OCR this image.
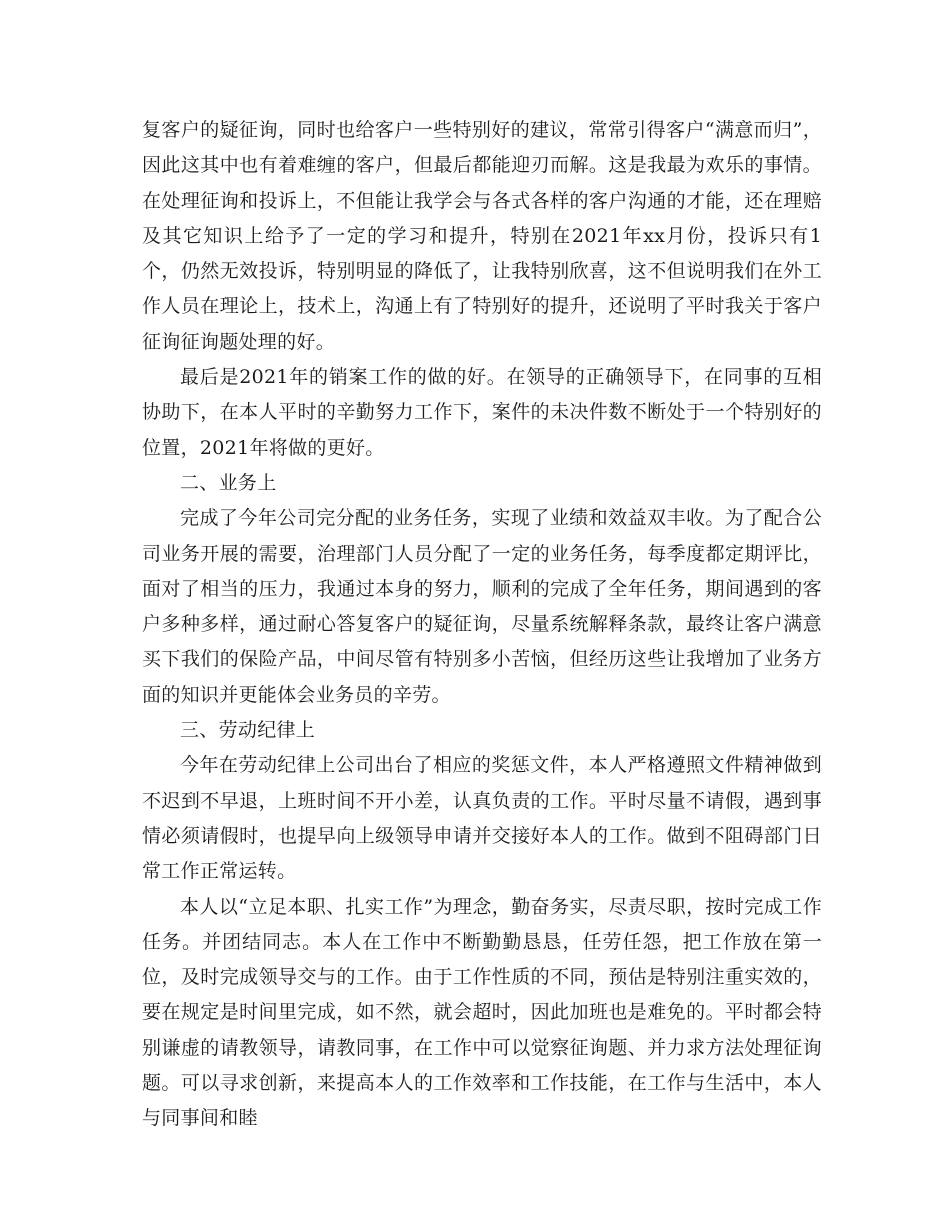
复客户的疑征询，同时也给客户一些特别好的建议，常常引得客户“满意而归”，因此这其中也有着难缠的客户，但最后都能迎刃而解。这是我最为欢乐的事情。在处理征询和投诉上，不但能让我学会与各式各样的客户沟通的才能，还在理赔及其它知识上给予了一定的学习和提升，特别在2021年xx月份，投诉只有1个，仍然无效投诉，特别明显的降低了，让我特别欣喜，这不但说明我们在外工作人员在理论上，技术上，沟通上有了特别好的提升，还说明了平时我关于客户征询征询题处理的好。

最后是2021年的销案工作的做的好。在领导的正确领导下，在同事的互相协助下，在本人平时的辛勤努力工作下，案件的未决件数不断处于一个特别好的位置，2021年将做的更好。

二、业务上

完成了今年公司完分配的业务任务，实现了业绩和效益双丰收。为了配合公司业务开展的需要，治理部门人员分配了一定的业务任务，每季度都定期评比，面对了相当的压力，我通过本身的努力，顺利的完成了全年任务，期间遇到的客户多种多样，通过耐心答复客户的疑征询，尽量系统解释条款，最终让客户满意买下我们的保险产品，中间尽管有特别多小苦恼，但经历这些让我增加了业务方面的知识并更能体会业务员的辛劳。

三、劳动纪律上

今年在劳动纪律上公司出台了相应的奖惩文件，本人严格遵照文件精神做到不迟到不早退，上班时间不开小差，认真负责的工作。平时尽量不请假，遇到事情必须请假时，也提早向上级领导申请并交接好本人的工作。做到不阻碍部门日常工作正常运转。

本人以“立足本职、扎实工作”为理念，勤奋务实，尽责尽职，按时完成工作任务。并团结同志。本人在工作中不断勤勤恳恳，任劳任怨，把工作放在第一位，及时完成领导交与的工作。由于工作性质的不同，预估是特别注重实效的，要在规定是时间里完成，如不然，就会超时，因此加班也是难免的。平时都会特别谦虚的请教领导，请教同事，在工作中可以觉察征询题、并力求方法处理征询题。可以寻求创新，来提高本人的工作效率和工作技能，在工作与生活中，本人与同事间和睦
